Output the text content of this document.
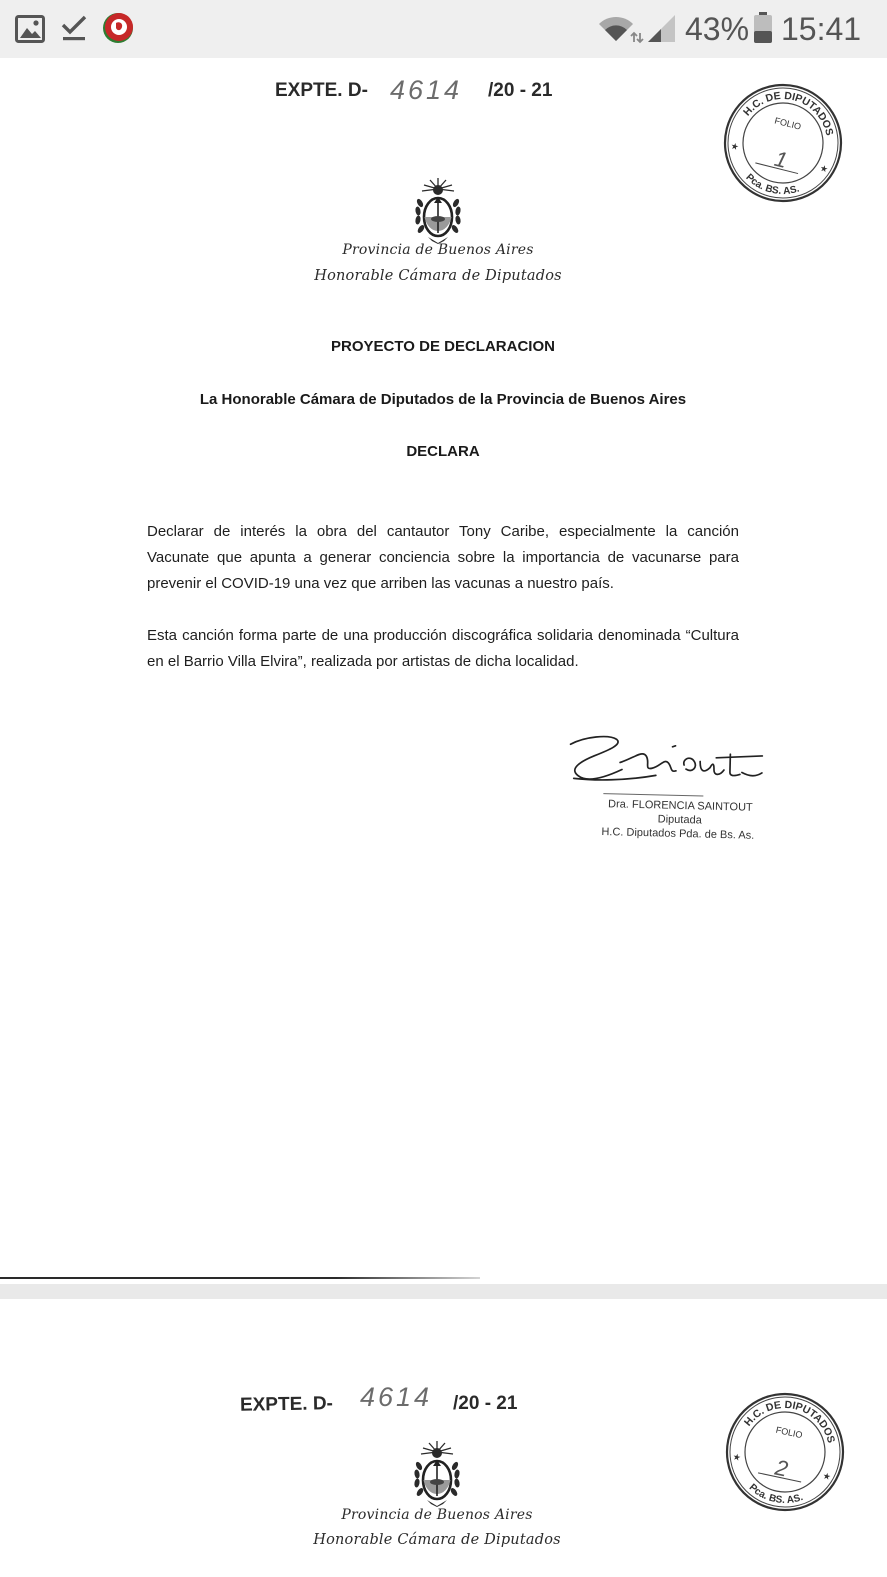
43% 15:41
EXPTE. D- 4614 /20 - 21
H.C. DE DIPUTADOS
Pca. BS. AS.
★
★
FOLIO
1
Provincia de Buenos Aires
Honorable Cámara de Diputados
PROYECTO DE DECLARACION
La Honorable Cámara de Diputados de la Provincia de Buenos Aires
DECLARA
Declarar de interés la obra del cantautor Tony Caribe, especialmente la canción
Vacunate que apunta a generar conciencia sobre la importancia de vacunarse para
prevenir el COVID-19 una vez que arriben las vacunas a nuestro país.
Esta canción forma parte de una producción discográfica solidaria denominada “Cultura
en el Barrio Villa Elvira”, realizada por artistas de dicha localidad.
Dra. FLORENCIA SAINTOUT
Diputada
H.C. Diputados Pda. de Bs. As.
EXPTE. D- 4614 /20 - 21
H.C. DE DIPUTADOS
Pca. BS. AS.
★
★
FOLIO
2
Provincia de Buenos Aires
Honorable Cámara de Diputados
